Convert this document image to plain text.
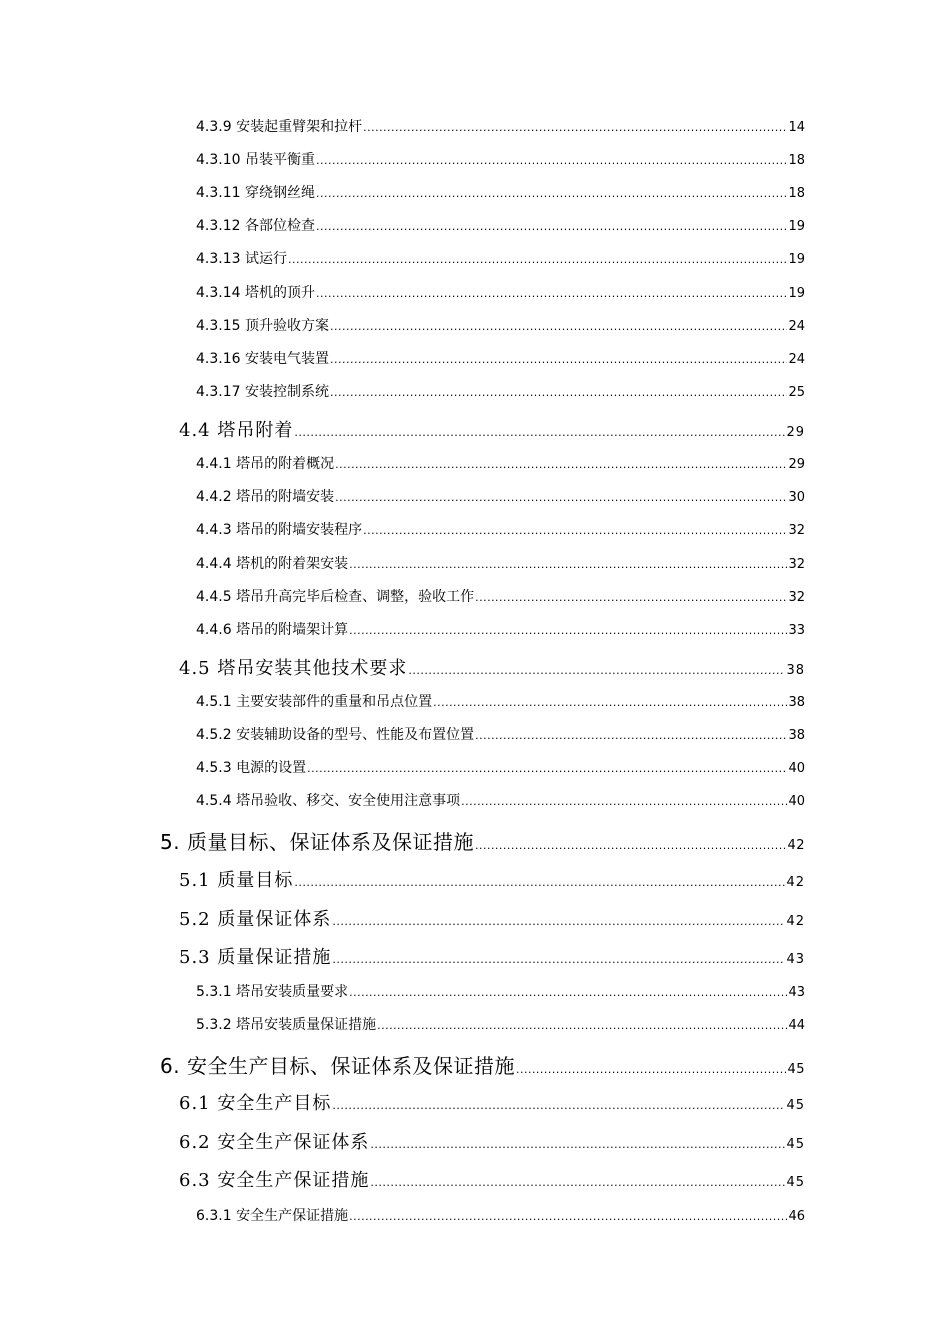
4.3.9 安装起重臂架和拉杆 .....	14
4.3.10 吊装平衡重 .....	18
4.3.11 穿绕钢丝绳 .....	18
4.3.12 各部位检查 .....	19
4.3.13 试运行 .....	19
4.3.14 塔机的顶升 .....	19
4.3.15 顶升验收方案 .....	24
4.3.16 安装电气装置 .....	24
4.3.17 安装控制系统 .....	25
4.4 塔吊附着 .....	29
4.4.1 塔吊的附着概况 .....	29
4.4.2 塔吊的附墙安装 .....	30
4.4.3 塔吊的附墙安装程序 .....	32
4.4.4 塔机的附着架安装 .....	32
4.4.5 塔吊升高完毕后检查、调整，验收工作 .....	32
4.4.6 塔吊的附墙架计算 .....	33
4.5 塔吊安装其他技术要求 .....	38
4.5.1 主要安装部件的重量和吊点位置 .....	38
4.5.2 安装辅助设备的型号、性能及布置位置 .....	38
4.5.3 电源的设置 .....	40
4.5.4 塔吊验收、移交、安全使用注意事项 .....	40
5. 质量目标、保证体系及保证措施 .....	42
5.1 质量目标 .....	42
5.2 质量保证体系 .....	42
5.3 质量保证措施 .....	43
5.3.1 塔吊安装质量要求 .....	43
5.3.2 塔吊安装质量保证措施 .....	44
6. 安全生产目标、保证体系及保证措施 .....	45
6.1 安全生产目标 .....	45
6.2 安全生产保证体系 .....	45
6.3 安全生产保证措施 .....	45
6.3.1 安全生产保证措施 .....	46
